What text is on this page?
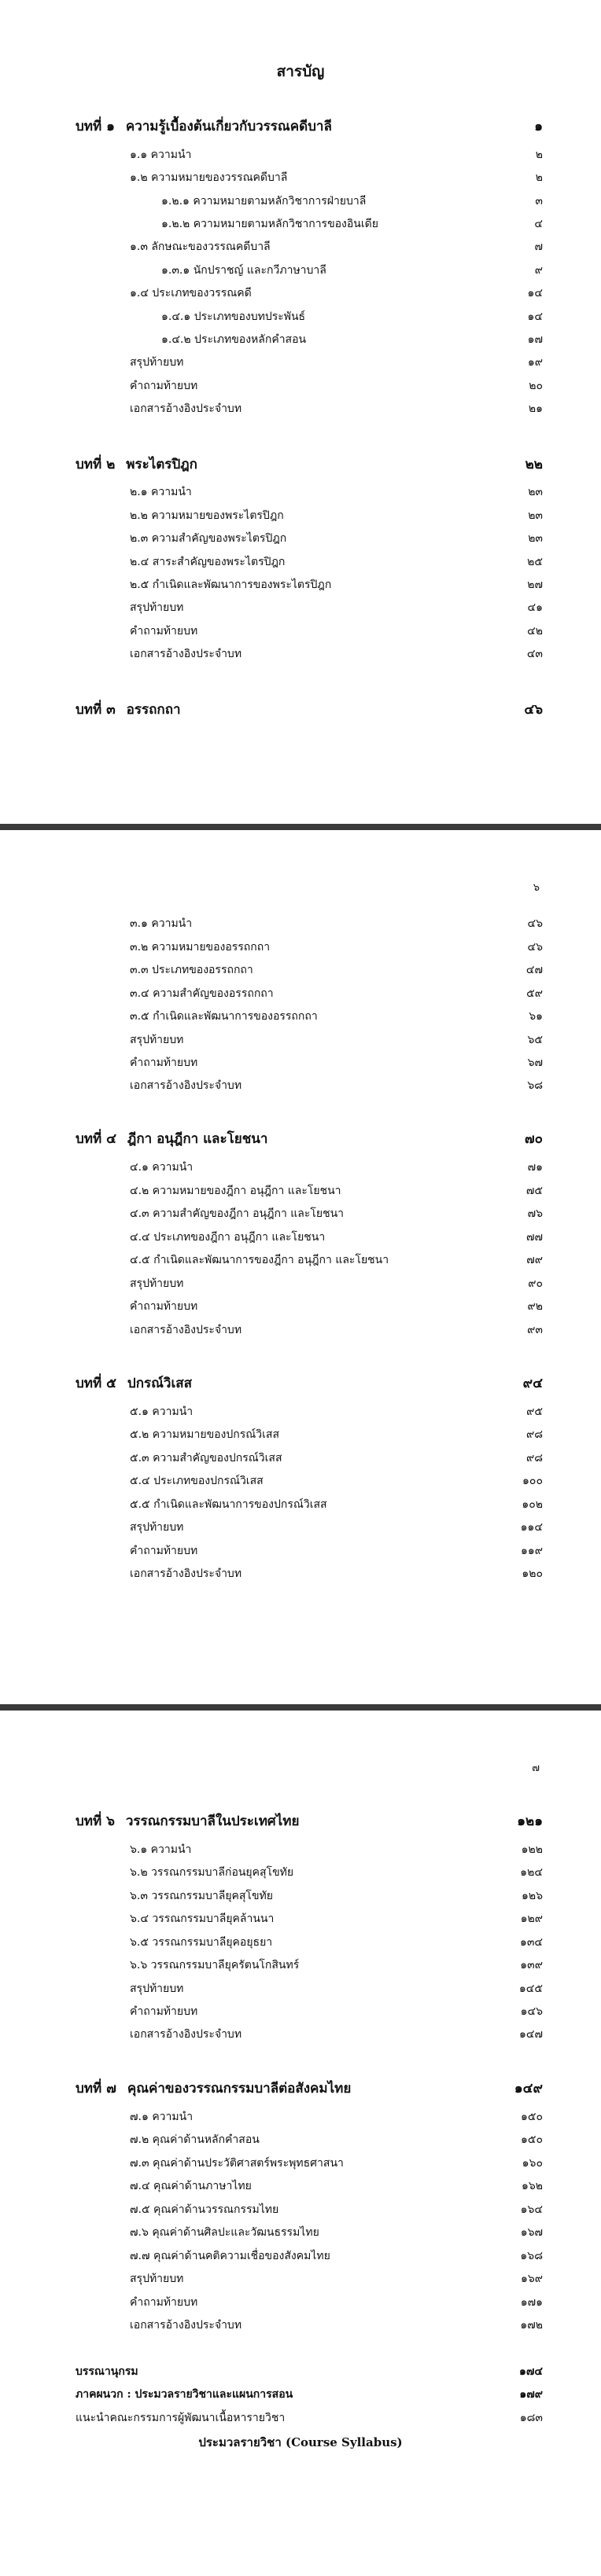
สารบัญ
บทที่ ๑ ความรู้เบื้องต้นเกี่ยวกับวรรณคดีบาลี	๑
๑.๑ ความนำ	๒
๑.๒ ความหมายของวรรณคดีบาลี	๒
๑.๒.๑ ความหมายตามหลักวิชาการฝ่ายบาลี	๓
๑.๒.๒ ความหมายตามหลักวิชาการของอินเดีย	๔
๑.๓ ลักษณะของวรรณคดีบาลี	๗
๑.๓.๑ นักปราชญ์ และกวีภาษาบาลี	๙
๑.๔ ประเภทของวรรณคดี	๑๔
๑.๔.๑ ประเภทของบทประพันธ์	๑๔
๑.๔.๒ ประเภทของหลักคำสอน	๑๗
สรุปท้ายบท	๑๙
คำถามท้ายบท	๒๐
เอกสารอ้างอิงประจำบท	๒๑
บทที่ ๒ พระไตรปิฎก	๒๒
๒.๑ ความนำ	๒๓
๒.๒ ความหมายของพระไตรปิฎก	๒๓
๒.๓ ความสำคัญของพระไตรปิฎก	๒๓
๒.๔ สาระสำคัญของพระไตรปิฎก	๒๕
๒.๕ กำเนิดและพัฒนาการของพระไตรปิฎก	๒๗
สรุปท้ายบท	๔๑
คำถามท้ายบท	๔๒
เอกสารอ้างอิงประจำบท	๔๓
บทที่ ๓ อรรถกถา	๔๖
๖
๓.๑ ความนำ	๔๖
๓.๒ ความหมายของอรรถกถา	๔๖
๓.๓ ประเภทของอรรถกถา	๔๗
๓.๔ ความสำคัญของอรรถกถา	๕๙
๓.๕ กำเนิดและพัฒนาการของอรรถกถา	๖๑
สรุปท้ายบท	๖๕
คำถามท้ายบท	๖๗
เอกสารอ้างอิงประจำบท	๖๘
บทที่ ๔ ฎีกา อนุฎีกา และโยชนา	๗๐
๔.๑ ความนำ	๗๑
๔.๒ ความหมายของฎีกา อนุฎีกา และโยชนา	๗๕
๔.๓ ความสำคัญของฎีกา อนุฎีกา และโยชนา	๗๖
๔.๔ ประเภทของฎีกา อนุฎีกา และโยชนา	๗๗
๔.๕ กำเนิดและพัฒนาการของฎีกา อนุฎีกา และโยชนา	๗๙
สรุปท้ายบท	๙๐
คำถามท้ายบท	๙๒
เอกสารอ้างอิงประจำบท	๙๓
บทที่ ๕ ปกรณ์วิเสส	๙๔
๕.๑ ความนำ	๙๕
๕.๒ ความหมายของปกรณ์วิเสส	๙๘
๕.๓ ความสำคัญของปกรณ์วิเสส	๙๘
๕.๔ ประเภทของปกรณ์วิเสส	๑๐๐
๕.๕ กำเนิดและพัฒนาการของปกรณ์วิเสส	๑๐๒
สรุปท้ายบท	๑๑๔
คำถามท้ายบท	๑๑๙
เอกสารอ้างอิงประจำบท	๑๒๐
๗
บทที่ ๖ วรรณกรรมบาลีในประเทศไทย	๑๒๑
๖.๑ ความนำ	๑๒๒
๖.๒ วรรณกรรมบาลีก่อนยุคสุโขทัย	๑๒๔
๖.๓ วรรณกรรมบาลียุคสุโขทัย	๑๒๖
๖.๔ วรรณกรรมบาลียุคล้านนา	๑๒๙
๖.๕ วรรณกรรมบาลียุคอยุธยา	๑๓๔
๖.๖ วรรณกรรมบาลียุครัตนโกสินทร์	๑๓๙
สรุปท้ายบท	๑๔๕
คำถามท้ายบท	๑๔๖
เอกสารอ้างอิงประจำบท	๑๔๗
บทที่ ๗ คุณค่าของวรรณกรรมบาลีต่อสังคมไทย	๑๔๙
๗.๑ ความนำ	๑๕๐
๗.๒ คุณค่าด้านหลักคำสอน	๑๕๐
๗.๓ คุณค่าด้านประวัติศาสตร์พระพุทธศาสนา	๑๖๐
๗.๔ คุณค่าด้านภาษาไทย	๑๖๒
๗.๕ คุณค่าด้านวรรณกรรมไทย	๑๖๔
๗.๖ คุณค่าด้านศิลปะและวัฒนธรรมไทย	๑๖๗
๗.๗ คุณค่าด้านคติความเชื่อของสังคมไทย	๑๖๘
สรุปท้ายบท	๑๖๙
คำถามท้ายบท	๑๗๑
เอกสารอ้างอิงประจำบท	๑๗๒
บรรณานุกรม	๑๗๔
ภาคผนวก : ประมวลรายวิชาและแผนการสอน	๑๗๙
แนะนำคณะกรรมการผู้พัฒนาเนื้อหารายวิชา	๑๘๓
ประมวลรายวิชา (Course Syllabus)
